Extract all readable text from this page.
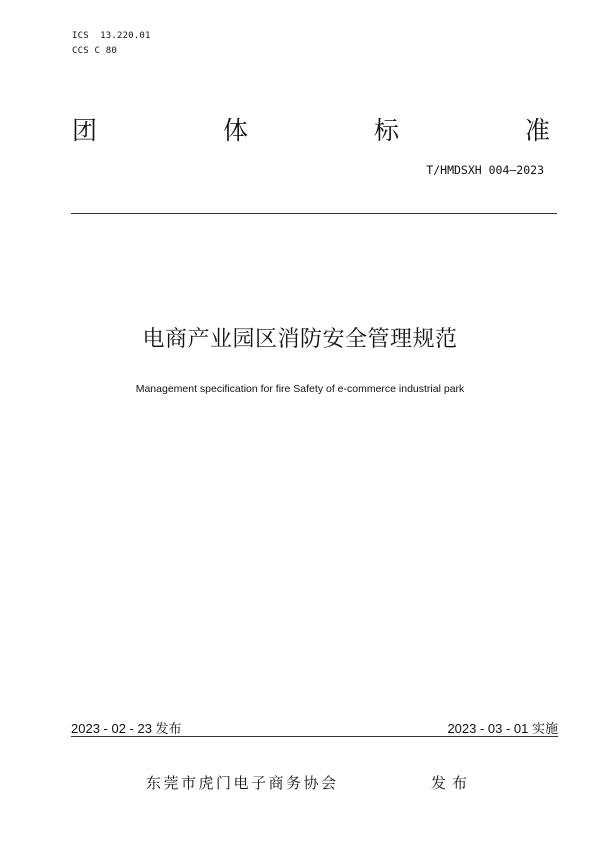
ICS  13.220.01
CCS C 80
团	体	标	准
T/HMDSXH 004—2023
电商产业园区消防安全管理规范
Management specification for fire Safety of e-commerce industrial park
2023 - 02 - 23 发布	2023 - 03 - 01 实施
东莞市虎门电子商务协会	发布
